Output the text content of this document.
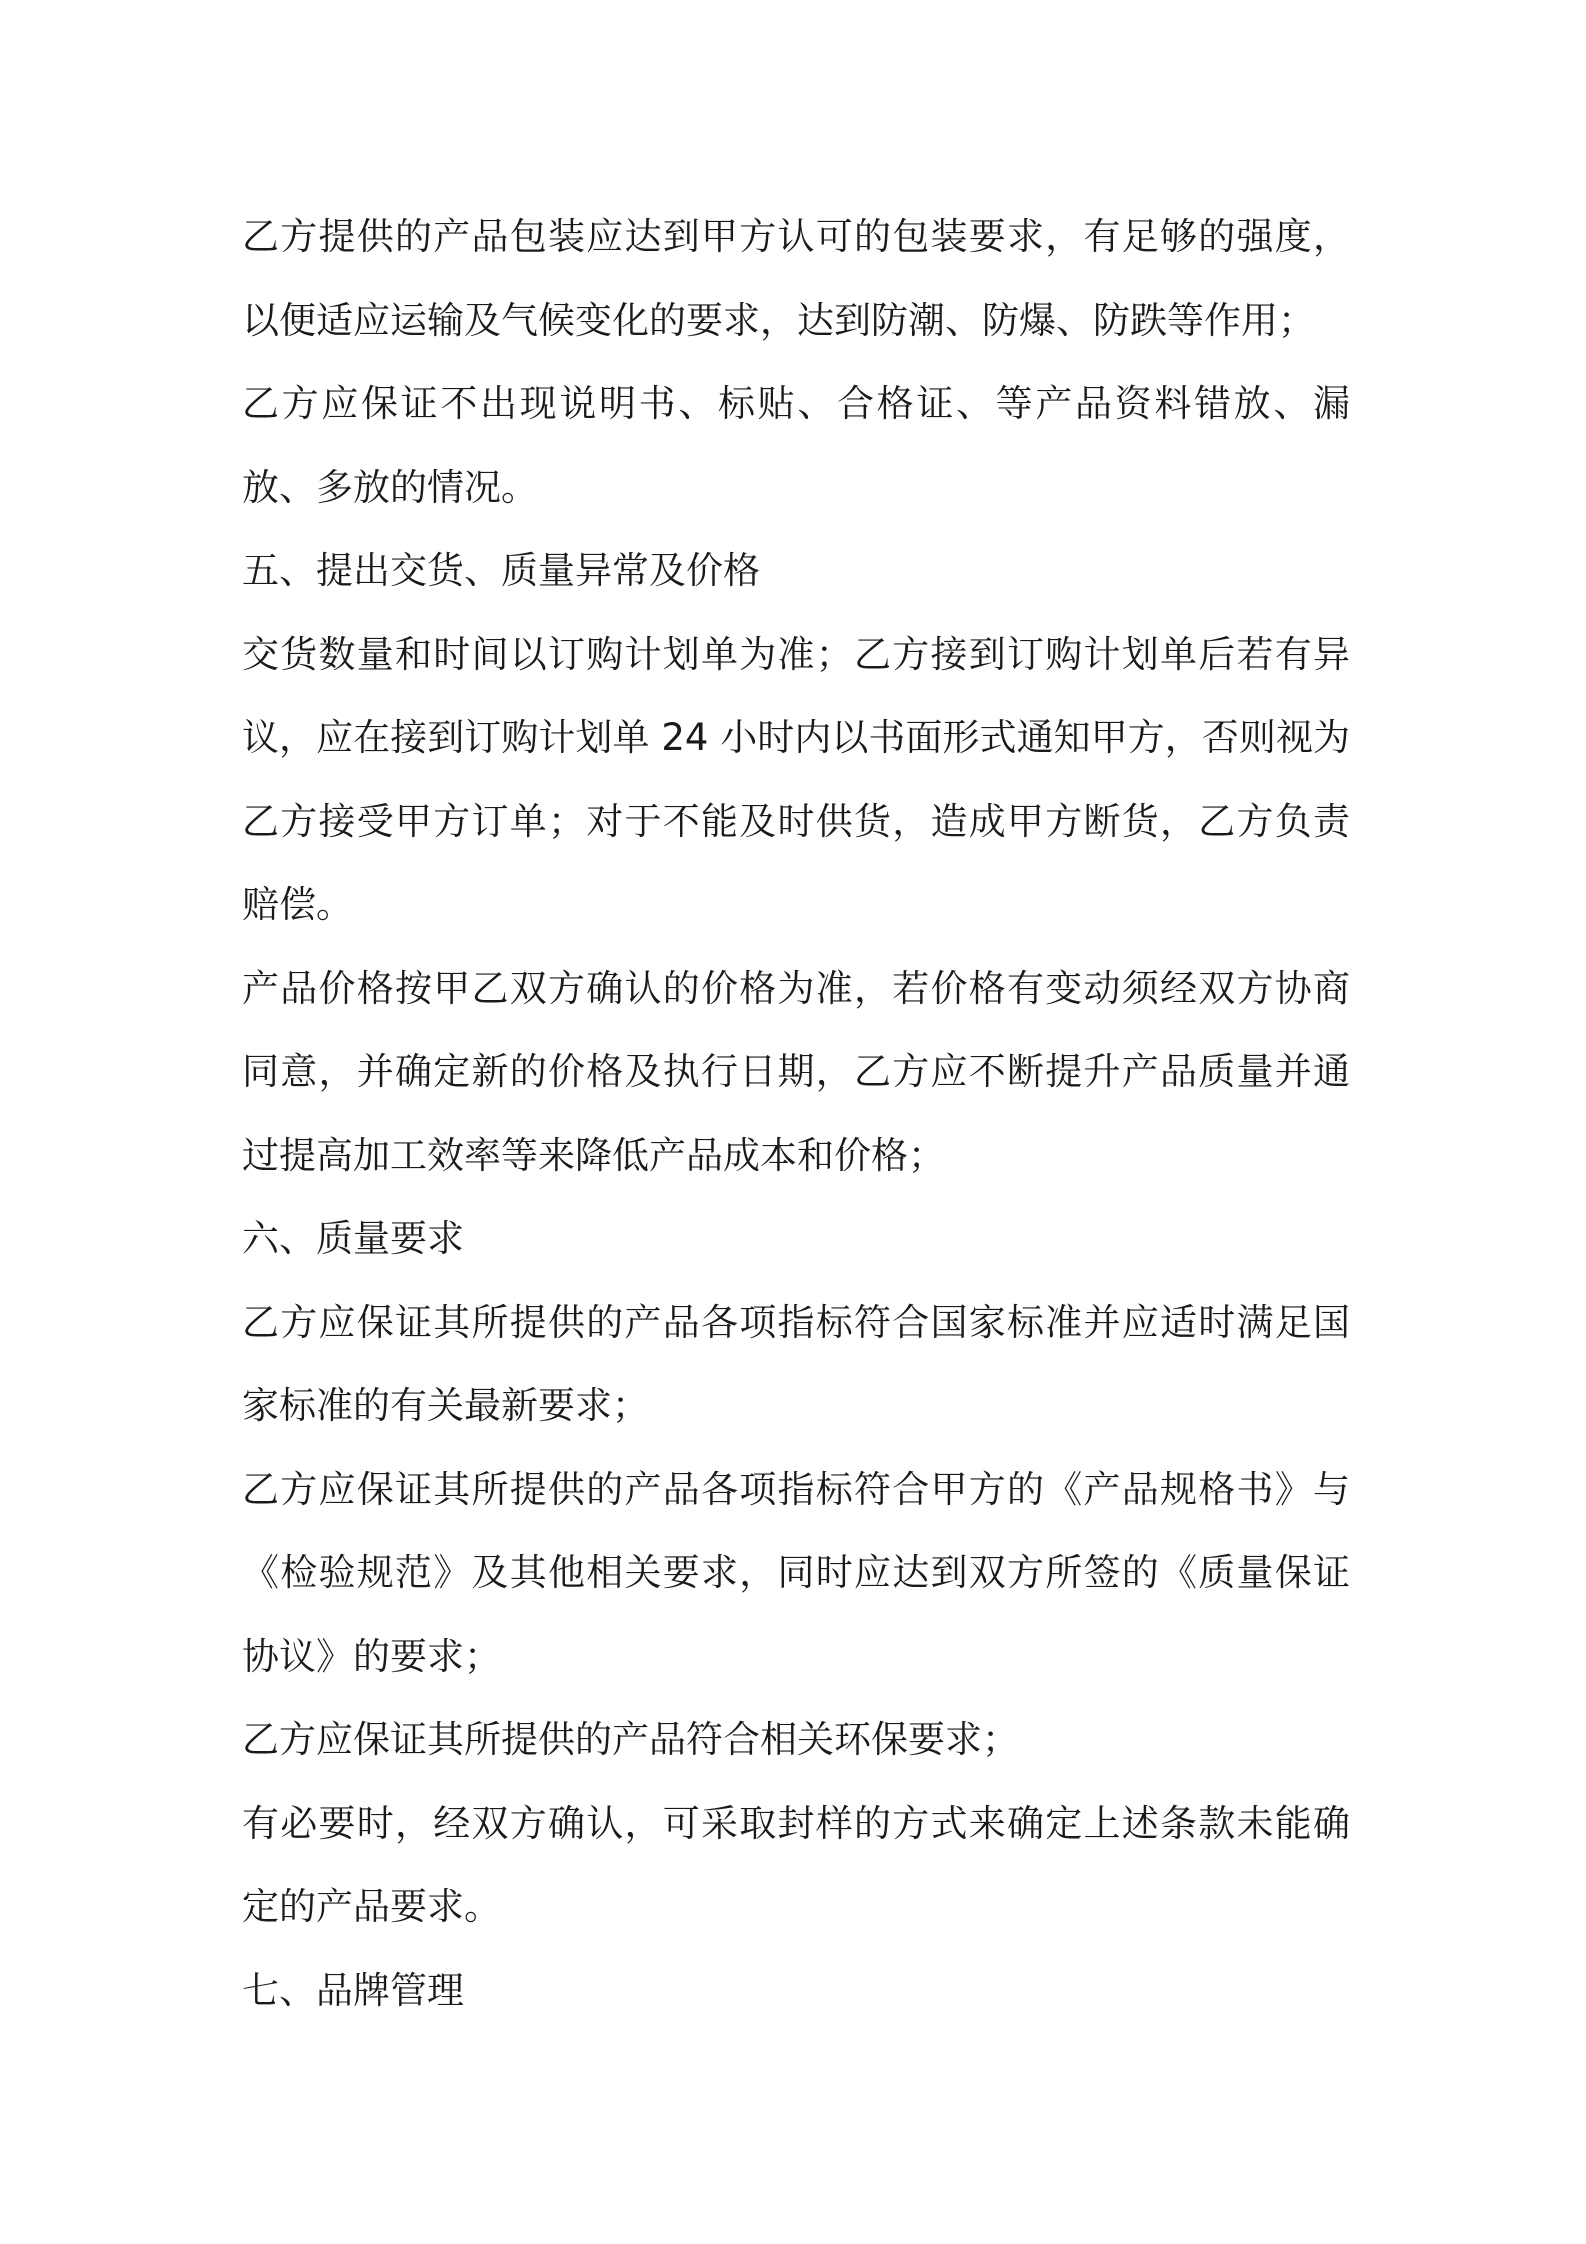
乙方提供的产品包装应达到甲方认可的包装要求，有足够的强度，以便适应运输及气候变化的要求，达到防潮、防爆、防跌等作用；

乙方应保证不出现说明书、标贴、合格证、等产品资料错放、漏放、多放的情况。

五、提出交货、质量异常及价格

交货数量和时间以订购计划单为准；乙方接到订购计划单后若有异议，应在接到订购计划单 24 小时内以书面形式通知甲方，否则视为乙方接受甲方订单；对于不能及时供货，造成甲方断货，乙方负责赔偿。

产品价格按甲乙双方确认的价格为准，若价格有变动须经双方协商同意，并确定新的价格及执行日期，乙方应不断提升产品质量并通过提高加工效率等来降低产品成本和价格；

六、质量要求

乙方应保证其所提供的产品各项指标符合国家标准并应适时满足国家标准的有关最新要求；

乙方应保证其所提供的产品各项指标符合甲方的《产品规格书》与《检验规范》及其他相关要求，同时应达到双方所签的《质量保证协议》的要求；

乙方应保证其所提供的产品符合相关环保要求；

有必要时，经双方确认，可采取封样的方式来确定上述条款未能确定的产品要求。

七、品牌管理
